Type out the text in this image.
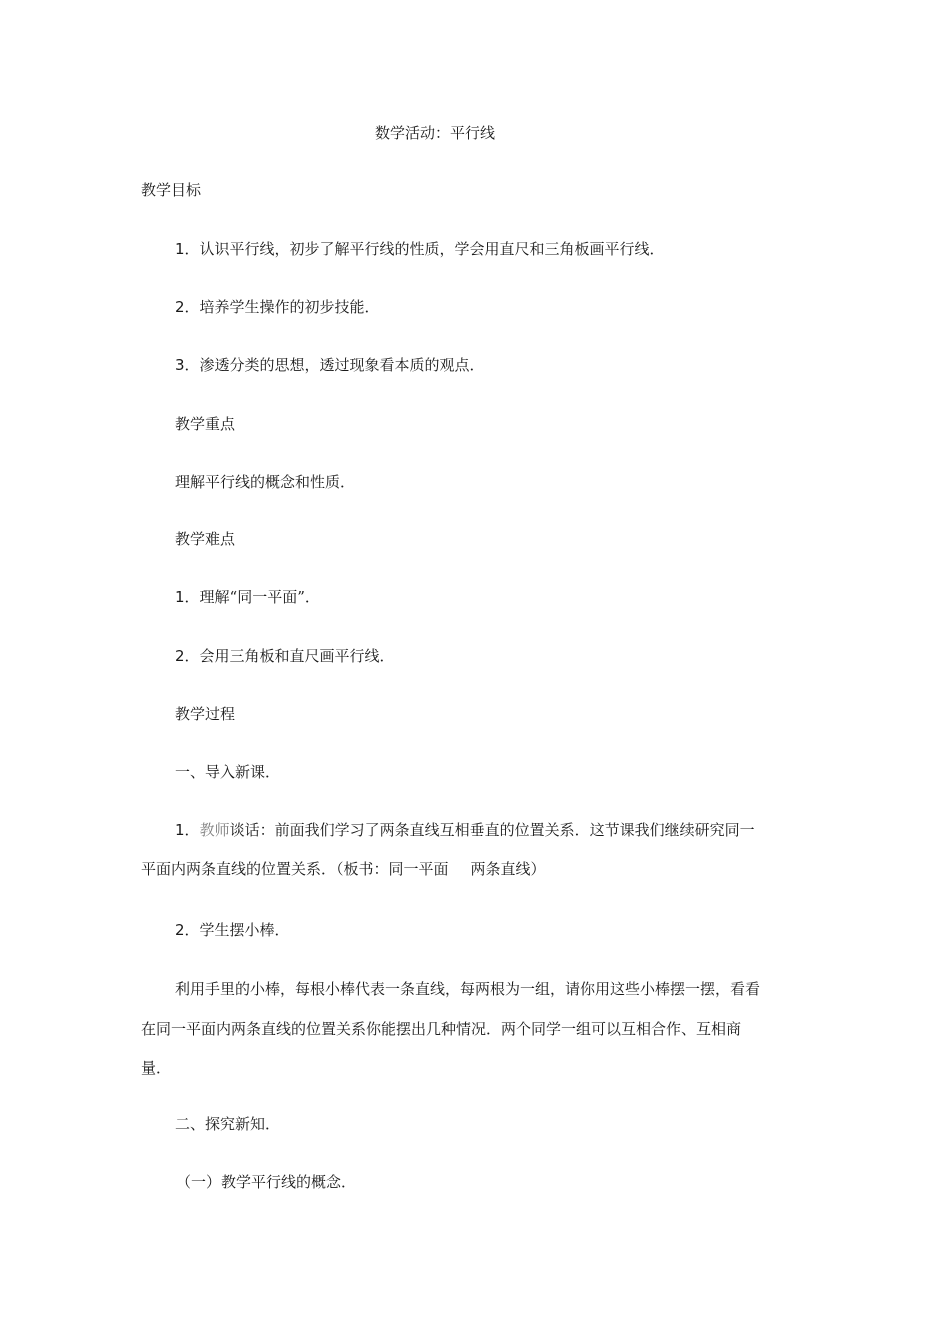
数学活动：平行线
教学目标
1．认识平行线，初步了解平行线的性质，学会用直尺和三角板画平行线．
2．培养学生操作的初步技能．
3．渗透分类的思想，透过现象看本质的观点．
教学重点
理解平行线的概念和性质．
教学难点
1．理解“同一平面”．
2．会用三角板和直尺画平行线．
教学过程
一、导入新课．
1．教师谈话：前面我们学习了两条直线互相垂直的位置关系．这节课我们继续研究同一
平面内两条直线的位置关系．（板书：同一平面 两条直线）
2．学生摆小棒．
利用手里的小棒，每根小棒代表一条直线，每两根为一组，请你用这些小棒摆一摆，看看
在同一平面内两条直线的位置关系你能摆出几种情况．两个同学一组可以互相合作、互相商
量．
二、探究新知．
（一）教学平行线的概念．
